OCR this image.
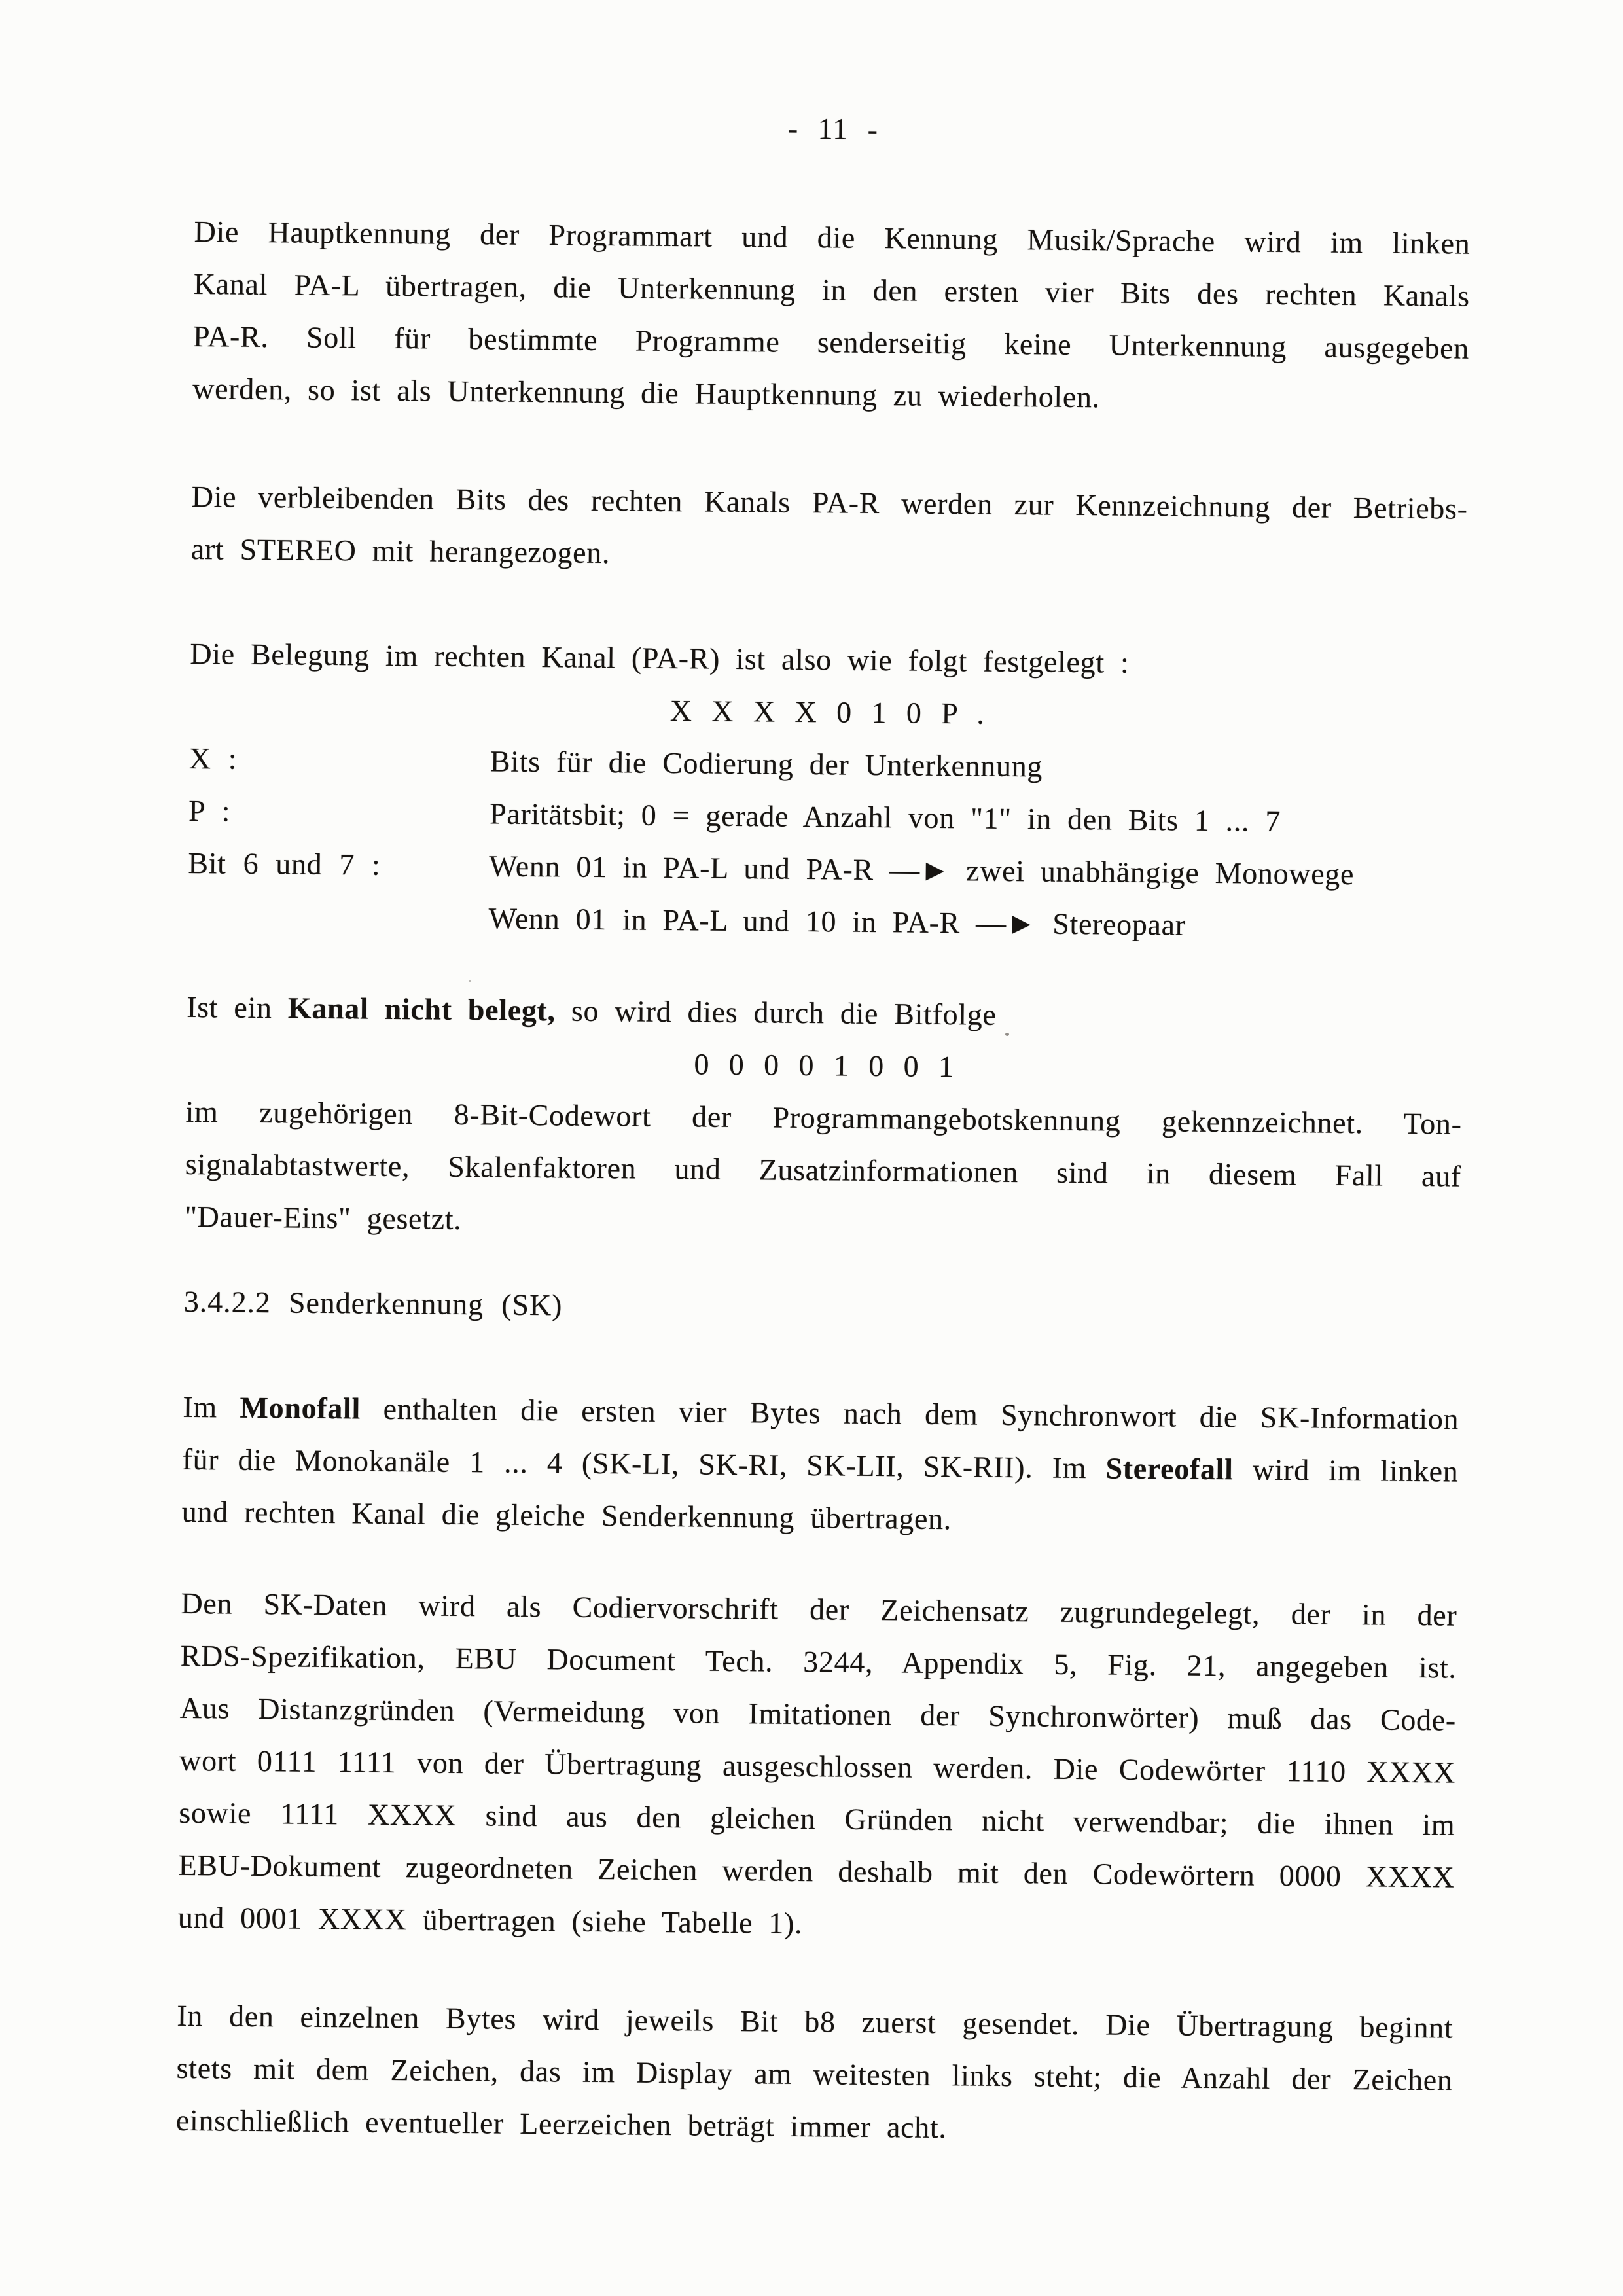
- 11 -
Die Hauptkennung der Programmart und die Kennung Musik/Sprache wird im linken
Kanal PA-L übertragen, die Unterkennung in den ersten vier Bits des rechten Kanals
PA-R. Soll für bestimmte Programme senderseitig keine Unterkennung ausgegeben
werden, so ist als Unterkennung die Hauptkennung zu wiederholen.
Die verbleibenden Bits des rechten Kanals PA-R werden zur Kennzeichnung der Betriebs-
art STEREO mit herangezogen.
Die Belegung im rechten Kanal (PA-R) ist also wie folgt festgelegt :
X X X X 0 1 0 P .
X :	Bits für die Codierung der Unterkennung
P :	Paritätsbit; 0 = gerade Anzahl von "1" in den Bits 1 ... 7
Bit 6 und 7 :	Wenn 01 in PA-L und PA-R —► zwei unabhängige Monowege
Wenn 01 in PA-L und 10 in PA-R —► Stereopaar
Ist ein Kanal nicht belegt, so wird dies durch die Bitfolge
0 0 0 0 1 0 0 1
im zugehörigen 8-Bit-Codewort der Programmangebotskennung gekennzeichnet. Ton-
signalabtastwerte, Skalenfaktoren und Zusatzinformationen sind in diesem Fall auf
"Dauer-Eins" gesetzt.
3.4.2.2 Senderkennung (SK)
Im Monofall enthalten die ersten vier Bytes nach dem Synchronwort die SK-Information
für die Monokanäle 1 ... 4 (SK-LI, SK-RI, SK-LII, SK-RII). Im Stereofall wird im linken
und rechten Kanal die gleiche Senderkennung übertragen.
Den SK-Daten wird als Codiervorschrift der Zeichensatz zugrundegelegt, der in der
RDS-Spezifikation, EBU Document Tech. 3244, Appendix 5, Fig. 21, angegeben ist.
Aus Distanzgründen (Vermeidung von Imitationen der Synchronwörter) muß das Code-
wort 0111 1111 von der Übertragung ausgeschlossen werden. Die Codewörter 1110 XXXX
sowie 1111 XXXX sind aus den gleichen Gründen nicht verwendbar; die ihnen im
EBU-Dokument zugeordneten Zeichen werden deshalb mit den Codewörtern 0000 XXXX
und 0001 XXXX übertragen (siehe Tabelle 1).
In den einzelnen Bytes wird jeweils Bit b8 zuerst gesendet. Die Übertragung beginnt
stets mit dem Zeichen, das im Display am weitesten links steht; die Anzahl der Zeichen
einschließlich eventueller Leerzeichen beträgt immer acht.
